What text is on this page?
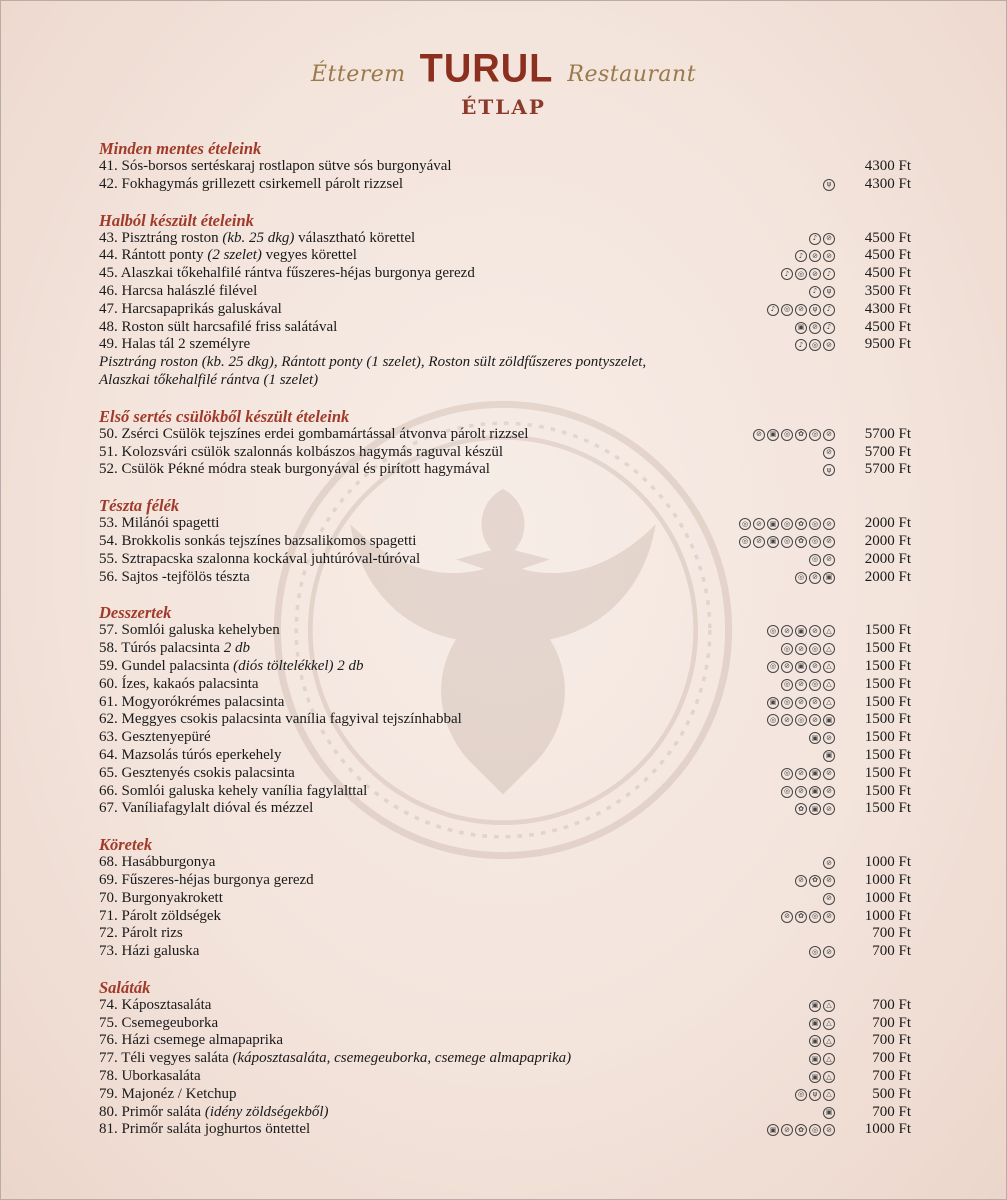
Étterem TURUL Restaurant
ÉTLAP
Minden mentes ételeink
41. Sós-borsos sertéskaraj rostlapon sütve sós burgonyával	4300 Ft
42. Fokhagymás grillezett csirkemell párolt rizzsel	ψ 4300 Ft
Halból készült ételeink
43. Pisztráng roston (kb. 25 dkg) választható körettel	♪	⊘ 4500 Ft
44. Rántott ponty (2 szelet) vegyes körettel	♪	⊘	⊘ 4500 Ft
45. Alaszkai tőkehalfilé rántva fűszeres-héjas burgonya gerezd	♪	◎	⊘	♪ 4500 Ft
46. Harcsa halászlé filével	♪	ψ 3500 Ft
47. Harcsapaprikás galuskával	♪	◎	⊘	ψ	♪ 4300 Ft
48. Roston sült harcsafilé friss salátával	▣	⊘	♪ 4500 Ft
49. Halas tál 2 személyre	♪	◎	⊘ 9500 Ft
Pisztráng roston (kb. 25 dkg), Rántott ponty (1 szelet), Roston sült zöldfűszeres pontyszelet, Alaszkai tőkehalfilé rántva (1 szelet)
Első sertés csülökből készült ételeink
50. Zsérci Csülök tejszínes erdei gombamártással átvonva párolt rizzsel	⊘	▣	◎	✿	◎	⊘ 5700 Ft
51. Kolozsvári csülök szalonnás kolbászos hagymás raguval készül	⊘ 5700 Ft
52. Csülök Pékné módra steak burgonyával és pirított hagymával	ψ 5700 Ft
Tészta félék
53. Milánói spagetti	◎	⊘	▣	◎	✿	◎	⊘ 2000 Ft
54. Brokkolis sonkás tejszínes bazsalikomos spagetti	◎	⊘	▣	◎	✿	◎	⊘ 2000 Ft
55. Sztrapacska szalonna kockával juhtúróval-túróval	◎	⊘ 2000 Ft
56. Sajtos -tejfölös tészta	◎	⊘	▣ 2000 Ft
Desszertek
57. Somlói galuska kehelyben	◎	⊘	▣	⊘	△ 1500 Ft
58. Túrós palacsinta 2 db	◎	⊘	◎	△ 1500 Ft
59. Gundel palacsinta (diós töltelékkel) 2 db	◎	⊘	▣	⊘	△ 1500 Ft
60. Ízes, kakaós palacsinta	◎	⊘	◎	△ 1500 Ft
61. Mogyorókrémes palacsinta	▣	◎	⊘	⊘	△ 1500 Ft
62. Meggyes csokis palacsinta vanília fagyival tejszínhabbal	◎	⊘	◎	⊘	▣ 1500 Ft
63. Gesztenyepüré	▣	⊘ 1500 Ft
64. Mazsolás túrós eperkehely	▣ 1500 Ft
65. Gesztenyés csokis palacsinta	◎	⊘	▣	⊘ 1500 Ft
66. Somlói galuska kehely vanília fagylalttal	◎	⊘	▣	⊘ 1500 Ft
67. Vaníliafagylalt dióval és mézzel	✿	▣	⊘ 1500 Ft
Köretek
68. Hasábburgonya	⊘ 1000 Ft
69. Fűszeres-héjas burgonya gerezd	⊘	✿	⊘ 1000 Ft
70. Burgonyakrokett	⊘ 1000 Ft
71. Párolt zöldségek	⊘	✿	◎	⊘ 1000 Ft
72. Párolt rizs	700 Ft
73. Házi galuska	◎	⊘	700 Ft
Saláták
74. Káposztasaláta	▣	△	700 Ft
75. Csemegeuborka	▣	△	700 Ft
76. Házi csemege almapaprika	▣	△	700 Ft
77. Téli vegyes saláta (káposztasaláta, csemegeuborka, csemege almapaprika)	▣	△	700 Ft
78. Uborkasaláta	▣	△	700 Ft
79. Majonéz / Ketchup	◎	ψ	△	500 Ft
80. Primőr saláta (idény zöldségekből)	▣	700 Ft
81. Primőr saláta joghurtos öntettel	▣	⊘	✿	◎	⊘ 1000 Ft
